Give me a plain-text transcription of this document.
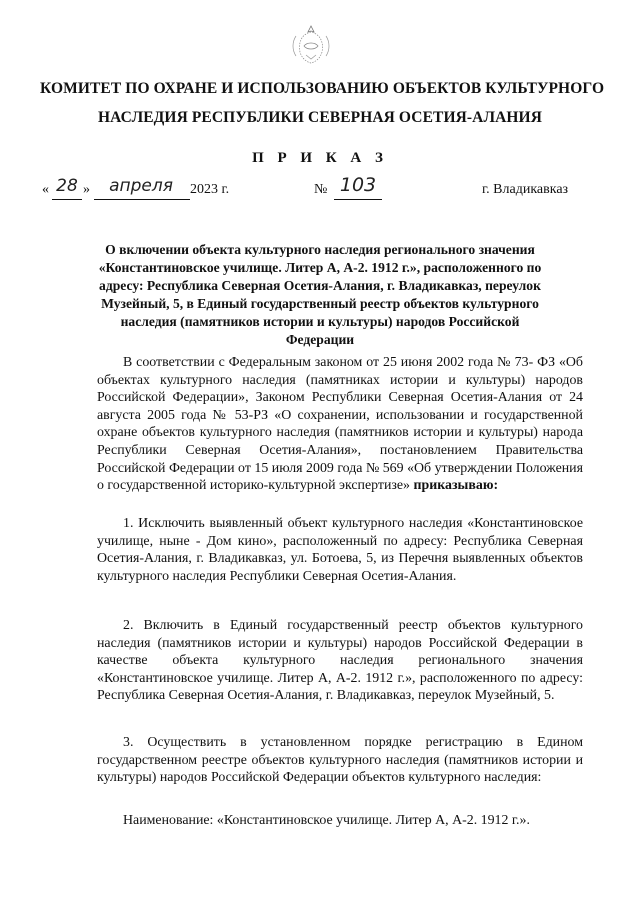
КОМИТЕТ ПО ОХРАНЕ И ИСПОЛЬЗОВАНИЮ ОБЪЕКТОВ КУЛЬТУРНОГО
НАСЛЕДИЯ РЕСПУБЛИКИ СЕВЕРНАЯ ОСЕТИЯ-АЛАНИЯ
П Р И К А З
« 28 »	апреля	2023 г.	№ 103	г. Владикавказ
О включении объекта культурного наследия регионального значения «Константиновское училище. Литер А, А-2. 1912 г.», расположенного по адресу: Республика Северная Осетия-Алания, г. Владикавказ, переулок Музейный, 5, в Единый государственный реестр объектов культурного наследия (памятников истории и культуры) народов Российской Федерации

В соответствии с Федеральным законом от 25 июня 2002 года № 73- ФЗ «Об объектах культурного наследия (памятниках истории и культуры) народов Российской Федерации», Законом Республики Северная Осетия-Алания от 24 августа 2005 года № 53-РЗ «О сохранении, использовании и государственной охране объектов культурного наследия (памятников истории и культуры) народа Республики Северная Осетия-Алания», постановлением Правительства Российской Федерации от 15 июля 2009 года № 569 «Об утверждении Положения о государственной историко-культурной экспертизе» приказываю:

1. Исключить выявленный объект культурного наследия «Константиновское училище, ныне - Дом кино», расположенный по адресу: Республика Северная Осетия-Алания, г. Владикавказ, ул. Ботоева, 5, из Перечня выявленных объектов культурного наследия Республики Северная Осетия-Алания.

2. Включить в Единый государственный реестр объектов культурного наследия (памятников истории и культуры) народов Российской Федерации в качестве объекта культурного наследия регионального значения «Константиновское училище. Литер А, А-2. 1912 г.», расположенного по адресу: Республика Северная Осетия-Алания, г. Владикавказ, переулок Музейный, 5.

3. Осуществить в установленном порядке регистрацию в Едином государственном реестре объектов культурного наследия (памятников истории и культуры) народов Российской Федерации объектов культурного наследия:

Наименование: «Константиновское училище. Литер А, А-2. 1912 г.».
